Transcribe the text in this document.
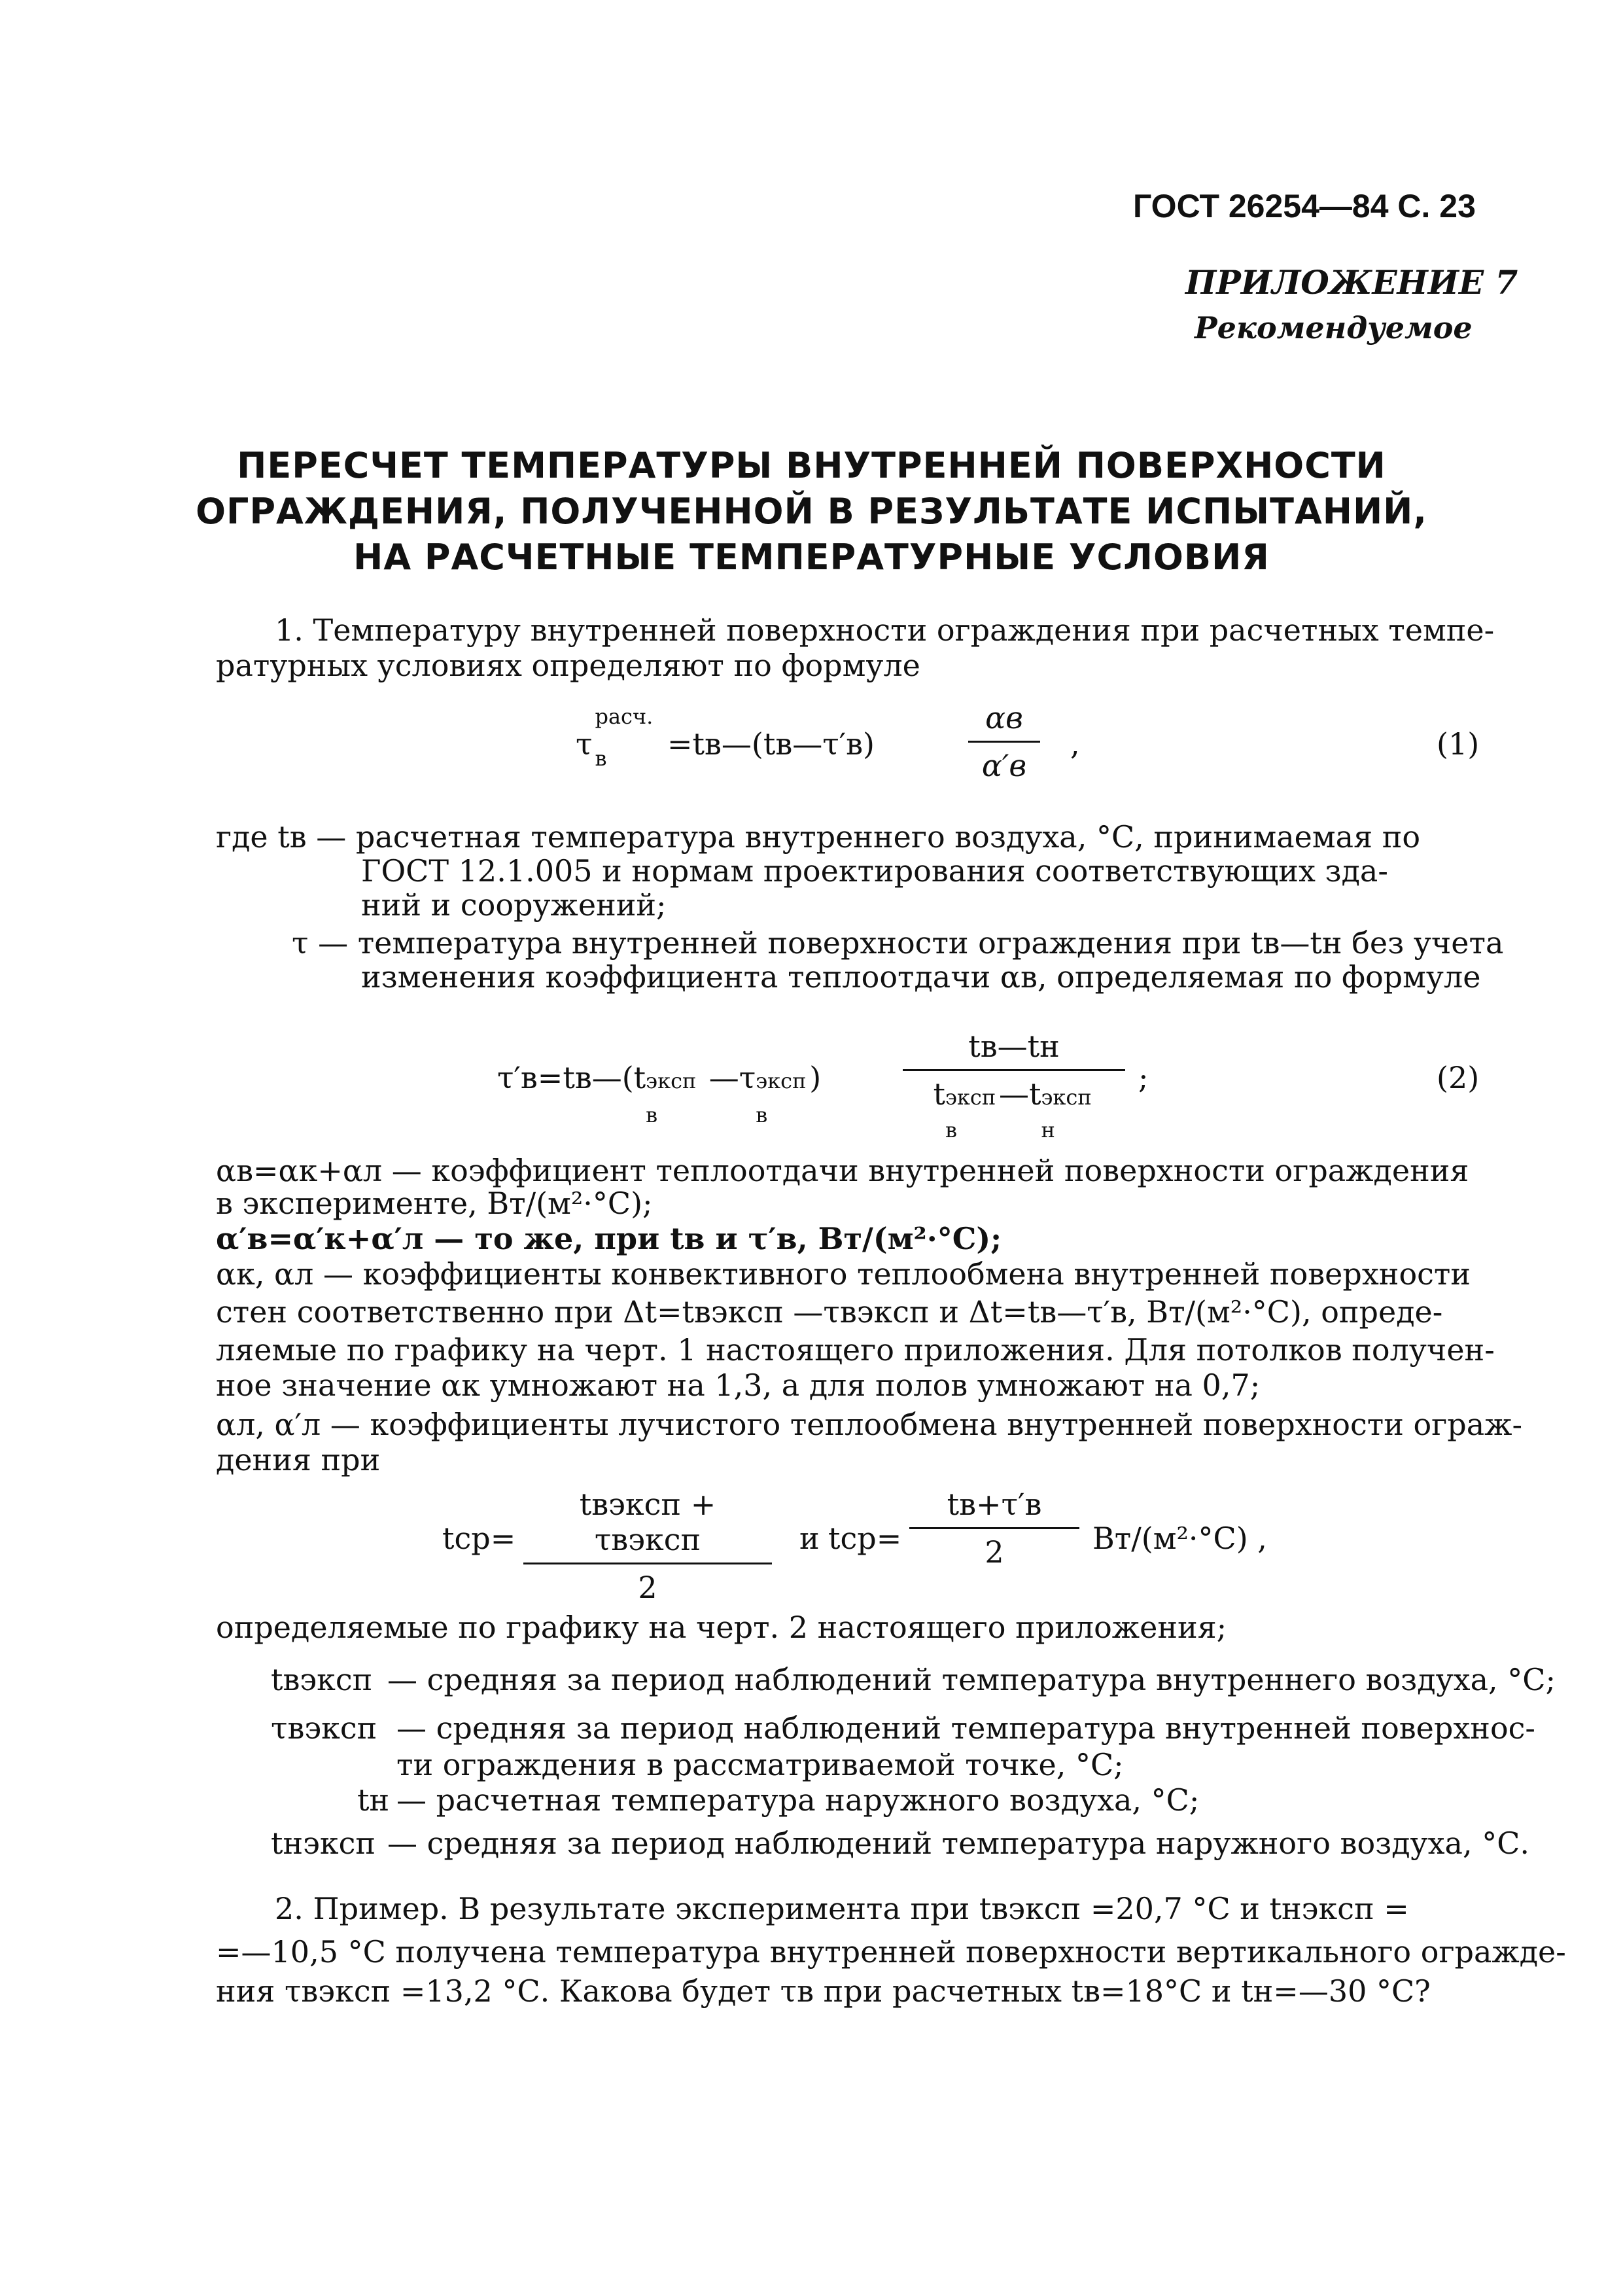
ГОСТ 26254—84 С. 23
ПРИЛОЖЕНИЕ 7
Рекомендуемое
ПЕРЕСЧЕТ ТЕМПЕРАТУРЫ ВНУТРЕННЕЙ ПОВЕРХНОСТИ
ОГРАЖДЕНИЯ, ПОЛУЧЕННОЙ В РЕЗУЛЬТАТЕ ИСПЫТАНИЙ,
НА РАСЧЕТНЫЕ ТЕМПЕРАТУРНЫЕ УСЛОВИЯ
1. Температуру внутренней поверхности ограждения при расчетных темпе-
ратурных условиях определяют по формуле
τ
расч.
в =tв—(tв—τ′в)
αв
α′в
,	(1)
где tв — расчетная температура внутреннего воздуха, °С, принимаемая по
ГОСТ 12.1.005 и нормам проектирования соответствующих зда-
ний и сооружений;
τ — температура внутренней поверхности ограждения при tв—tн без учета
изменения коэффициента теплоотдачи αв, определяемая по формуле
τ′в=tв—(t эксп
в
—τ эксп
в
)
tв—tн
t эксп
в
—t эксп
н
;	(2)
αв=αк+αл — коэффициент теплоотдачи внутренней поверхности ограждения
в эксперименте, Вт/(м²·°С);
α′в=α′к+α′л — то же, при tв и τ′в, Вт/(м²·°С);
αк, αл — коэффициенты конвективного теплообмена внутренней поверхности
стен соответственно при Δt=tвэксп —τвэксп и Δt=tв—τ′в, Вт/(м²·°С), опреде-
ляемые по графику на черт. 1 настоящего приложения. Для потолков получен-
ное значение αк умножают на 1,3, а для полов умножают на 0,7;
αл, α′л — коэффициенты лучистого теплообмена внутренней поверхности ограж-
дения при
tср=
tвэксп + τвэксп
2
и tср=
tв+τ′в
2	Вт/(м²·°С) ,
определяемые по графику на черт. 2 настоящего приложения;
tвэксп — средняя за период наблюдений температура внутреннего воздуха, °С;
τвэксп — средняя за период наблюдений температура внутренней поверхнос-
ти ограждения в рассматриваемой точке, °С;
tн — расчетная температура наружного воздуха, °С;
tнэксп — средняя за период наблюдений температура наружного воздуха, °С.
2. Пример. В результате эксперимента при tвэксп =20,7 °С и tнэксп =
=—10,5 °С получена температура внутренней поверхности вертикального огражде-
ния τвэксп =13,2 °С. Какова будет τв при расчетных tв=18°С и tн=—30 °С?
